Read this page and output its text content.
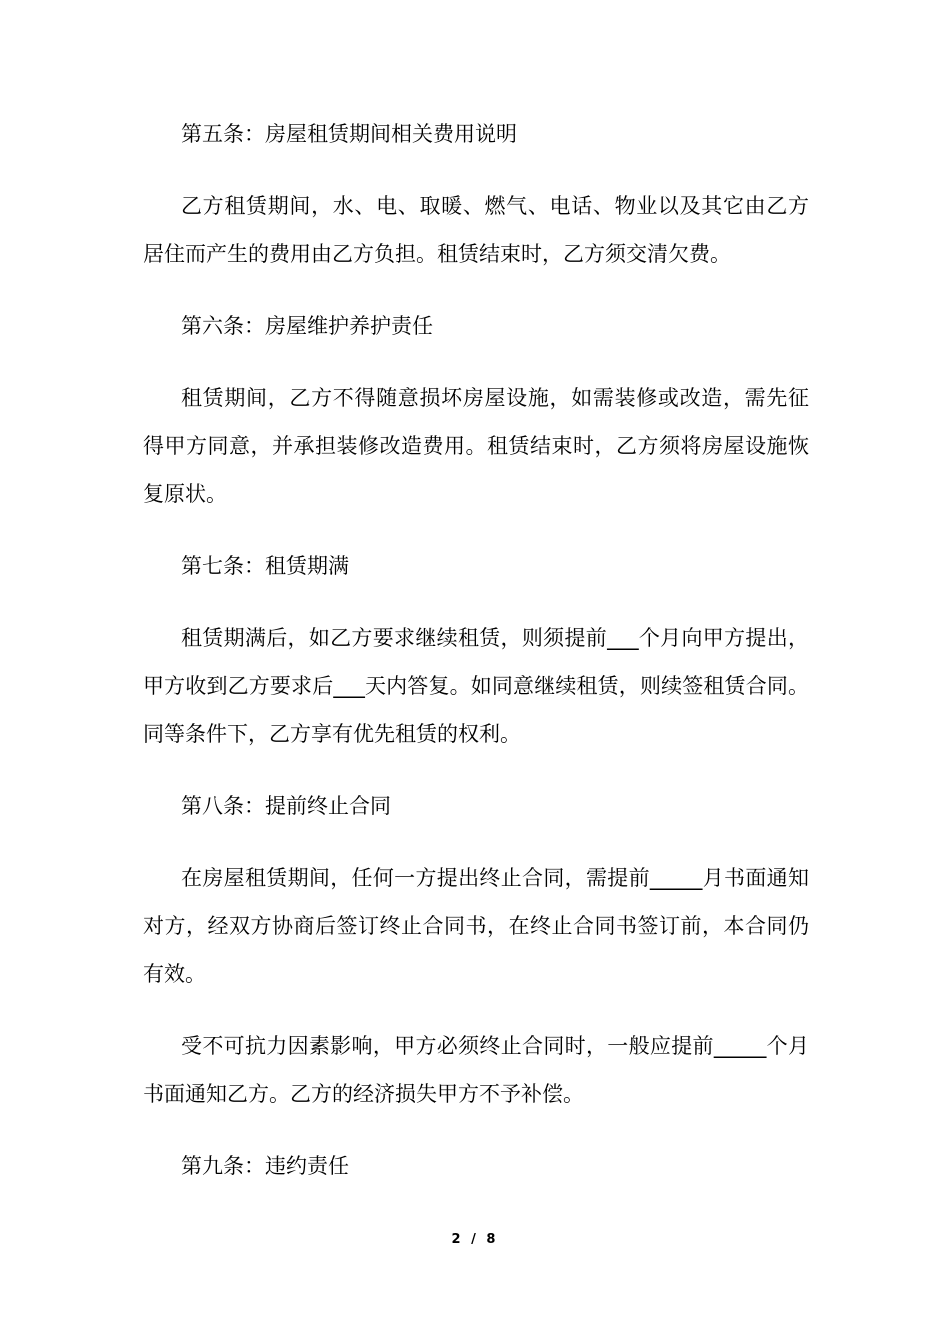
第五条：房屋租赁期间相关费用说明
乙方租赁期间，水、电、取暖、燃气、电话、物业以及其它由乙方居住而产生的费用由乙方负担。租赁结束时，乙方须交清欠费。
第六条：房屋维护养护责任
租赁期间，乙方不得随意损坏房屋设施，如需装修或改造，需先征得甲方同意，并承担装修改造费用。租赁结束时，乙方须将房屋设施恢复原状。
第七条：租赁期满
租赁期满后，如乙方要求继续租赁，则须提前___个月向甲方提出，甲方收到乙方要求后___天内答复。如同意继续租赁，则续签租赁合同。同等条件下，乙方享有优先租赁的权利。
第八条：提前终止合同
在房屋租赁期间，任何一方提出终止合同，需提前_____月书面通知对方，经双方协商后签订终止合同书，在终止合同书签订前，本合同仍有效。
受不可抗力因素影响，甲方必须终止合同时，一般应提前_____个月书面通知乙方。乙方的经济损失甲方不予补偿。
第九条：违约责任
2 / 8
